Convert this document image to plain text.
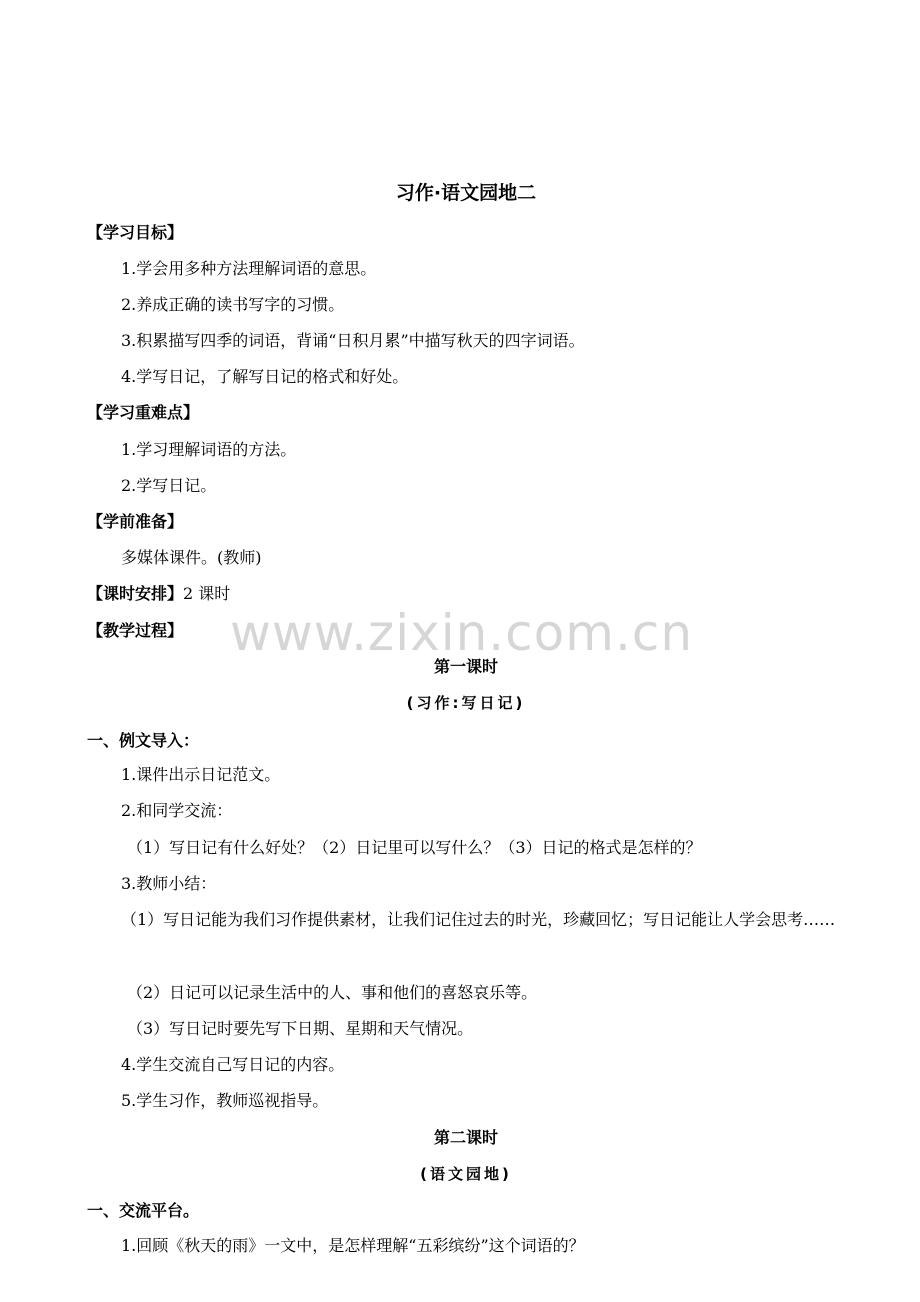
www.zixin.com.cn
习作·语文园地二
【学习目标】
1.学会用多种方法理解词语的意思。
2.养成正确的读书写字的习惯。
3.积累描写四季的词语，背诵“日积月累”中描写秋天的四字词语。
4.学写日记，了解写日记的格式和好处。
【学习重难点】
1.学习理解词语的方法。
2.学写日记。
【学前准备】
多媒体课件。(教师)
【课时安排】2 课时
【教学过程】
第一课时
(习作:写日记)
一、例文导入：
1.课件出示日记范文。
2.和同学交流：
（1）写日记有什么好处？（2）日记里可以写什么？（3）日记的格式是怎样的？
3.教师小结：
（1）写日记能为我们习作提供素材，让我们记住过去的时光，珍藏回忆；写日记能让人学会思考……
（2）日记可以记录生活中的人、事和他们的喜怒哀乐等。
（3）写日记时要先写下日期、星期和天气情况。
4.学生交流自己写日记的内容。
5.学生习作，教师巡视指导。
第二课时
(语文园地)
一、交流平台。
1.回顾《秋天的雨》一文中，是怎样理解“五彩缤纷”这个词语的？
